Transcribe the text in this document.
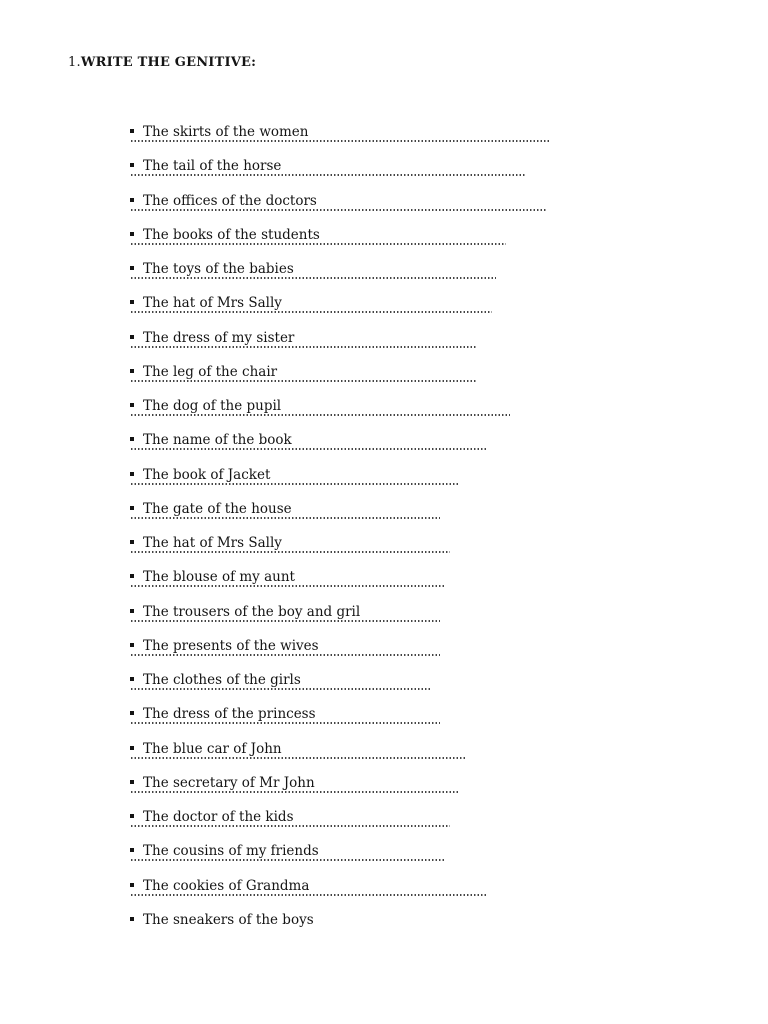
1.WRITE THE GENITIVE:
The skirts of the women
The tail of the horse
The offices of the doctors
The books of the students
The toys of the babies
The hat of Mrs Sally
The dress of my sister
The leg of the chair
The dog of the pupil
The name of the book
The book of Jacket
The gate of the house
The hat of Mrs Sally
The blouse of my aunt
The trousers of the boy and gril
The presents of the wives
The clothes of the girls
The dress of the princess
The blue car of John
The secretary of Mr John
The doctor of the kids
The cousins of my friends
The cookies of Grandma
The sneakers of the boys
